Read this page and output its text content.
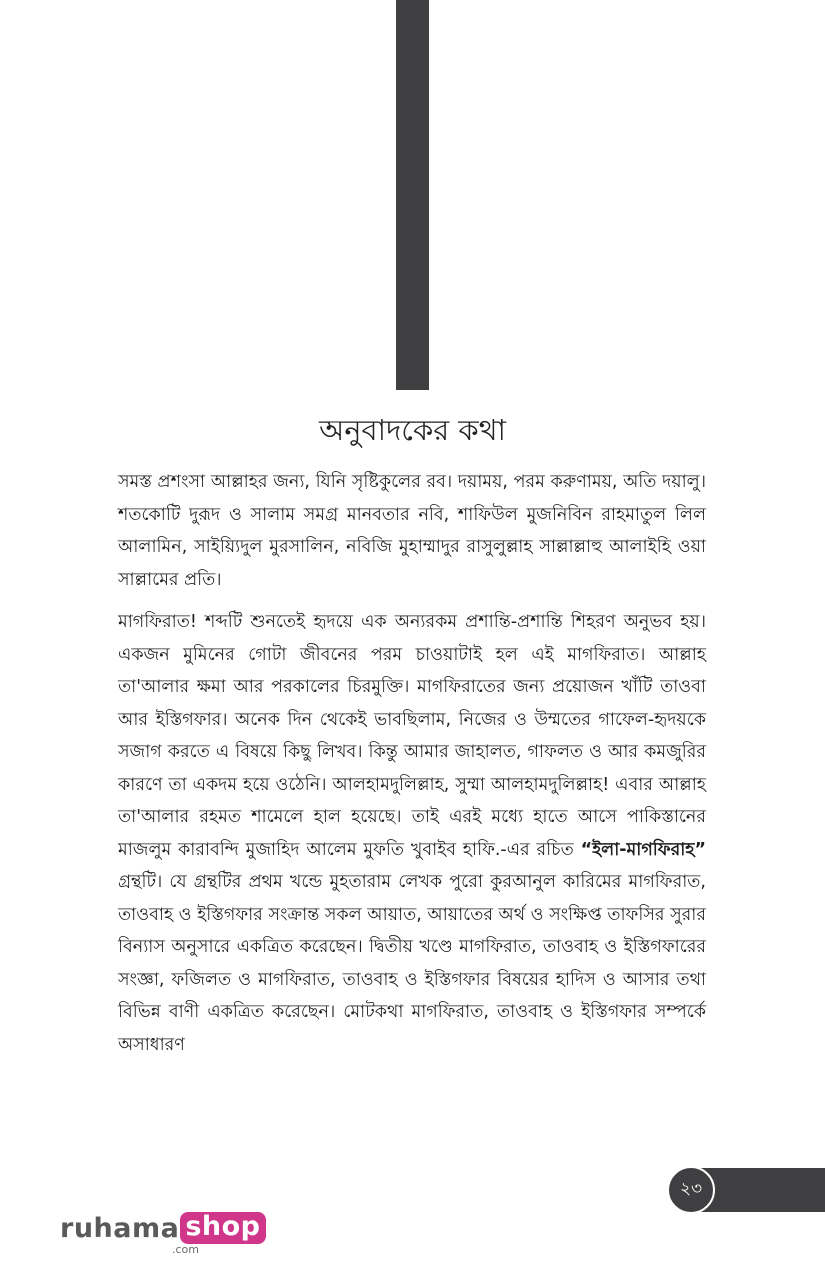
অনুবাদকের কথা

সমস্ত প্রশংসা আল্লাহর জন্য, যিনি সৃষ্টিকুলের রব। দয়াময়, পরম করুণাময়, অতি দয়ালু। শতকোটি দুরূদ ও সালাম সমগ্র মানবতার নবি, শাফিউল মুজনিবিন রাহমাতুল লিল আলামিন, সাইয়্যিদুল মুরসালিন, নবিজি মুহাম্মাদুর রাসুলুল্লাহ সাল্লাল্লাহু আলাইহি ওয়া সাল্লামের প্রতি।

মাগফিরাত! শব্দটি শুনতেই হৃদয়ে এক অন্যরকম প্রশান্তি-প্রশান্তি শিহরণ অনুভব হয়। একজন মুমিনের গোটা জীবনের পরম চাওয়াটাই হল এই মাগফিরাত। আল্লাহ তা'আলার ক্ষমা আর পরকালের চিরমুক্তি। মাগফিরাতের জন্য প্রয়োজন খাঁটি তাওবা আর ইস্তিগফার। অনেক দিন থেকেই ভাবছিলাম, নিজের ও উম্মতের গাফেল-হৃদয়কে সজাগ করতে এ বিষয়ে কিছু লিখব। কিন্তু আমার জাহালত, গাফলত ও আর কমজুরির কারণে তা একদম হয়ে ওঠেনি। আলহামদুলিল্লাহ, সুম্মা আলহামদুলিল্লাহ! এবার আল্লাহ তা'আলার রহমত শামেলে হাল হয়েছে। তাই এরই মধ্যে হাতে আসে পাকিস্তানের মাজলুম কারাবন্দি মুজাহিদ আলেম মুফতি খুবাইব হাফি.-এর রচিত “ইলা-মাগফিরাহ” গ্রন্থটি। যে গ্রন্থটির প্রথম খন্ডে মুহতারাম লেখক পুরো কুরআনুল কারিমের মাগফিরাত, তাওবাহ ও ইস্তিগফার সংক্রান্ত সকল আয়াত, আয়াতের অর্থ ও সংক্ষিপ্ত তাফসির সুরার বিন্যাস অনুসারে একত্রিত করেছেন। দ্বিতীয় খণ্ডে মাগফিরাত, তাওবাহ ও ইস্তিগফারের সংজ্ঞা, ফজিলত ও মাগফিরাত, তাওবাহ ও ইস্তিগফার বিষয়ের হাদিস ও আসার তথা বিভিন্ন বাণী একত্রিত করেছেন। মোটকথা মাগফিরাত, তাওবাহ ও ইস্তিগফার সম্পর্কে অসাধারণ

২৩
ruhama shop
.com
